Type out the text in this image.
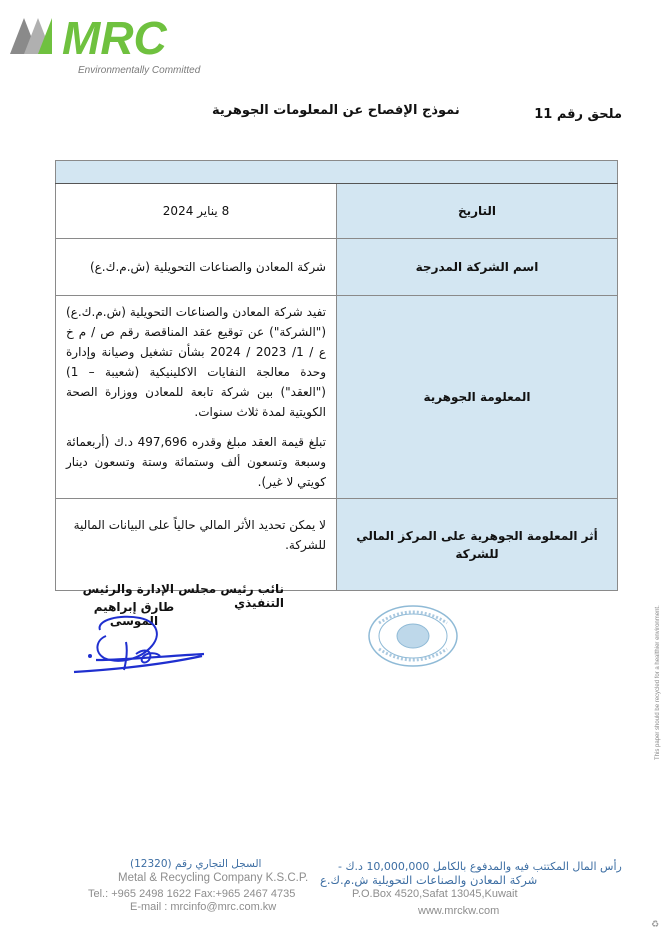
MRC
Environmentally Committed
ملحق رقم 11
نموذج الإفصاح عن المعلومات الجوهرية

التاريخ	8 يناير 2024
اسم الشركة المدرجة	شركة المعادن والصناعات التحويلية (ش.م.ك.ع)
المعلومة الجوهرية	تفيد شركة المعادن والصناعات التحويلية (ش.م.ك.ع) ("الشركة") عن توقيع عقد المناقصة رقم ص / م خ ع / 1/ 2023 / 2024 بشأن تشغيل وصيانة وإدارة وحدة معالجة النفايات الاكلينيكية (شعيبة – 1) ("العقد") بين شركة تابعة للمعادن ووزارة الصحة الكويتية لمدة ثلاث سنوات.

تبلغ قيمة العقد مبلغ وقدره 497,696 د.ك (أربعمائة وسبعة وتسعون ألف وستمائة وستة وتسعون دينار كويتي لا غير).

أثر المعلومة الجوهرية على المركز المالي للشركة	لا يمكن تحديد الأثر المالي حالياً على البيانات المالية للشركة.
نائب رئيس مجلس الإدارة والرئيس التنفيذي
طارق إبراهيم الموسى	This paper should be recycled for a healthier environment.
♻
رأس المال المكتتب فيه والمدفوع بالكامل 10,000,000 د.ك -
السجل التجاري رقم (12320)
Metal & Recycling Company K.S.C.P. شركة المعادن والصناعات التحويلية ش.م.ك.ع
Tel.: +965 2498 1622 Fax:+965 2467 4735	P.O.Box 4520,Safat 13045,Kuwait
E-mail : mrcinfo@mrc.com.kw	www.mrckw.com
